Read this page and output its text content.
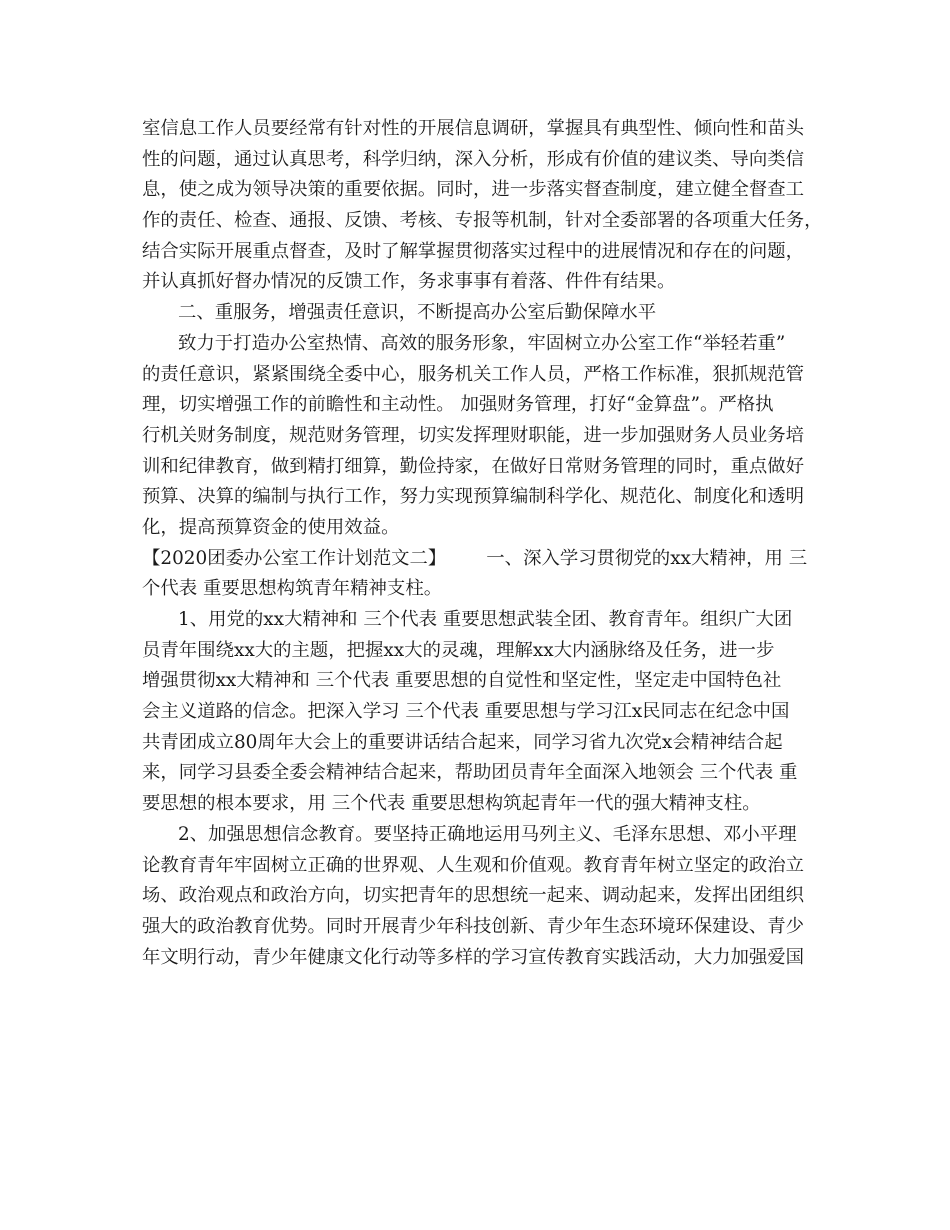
室信息工作人员要经常有针对性的开展信息调研，掌握具有典型性、倾向性和苗头
性的问题，通过认真思考，科学归纳，深入分析，形成有价值的建议类、导向类信
息，使之成为领导决策的重要依据。同时，进一步落实督查制度，建立健全督查工
作的责任、检查、通报、反馈、考核、专报等机制，针对全委部署的各项重大任务，
结合实际开展重点督查，及时了解掌握贯彻落实过程中的进展情况和存在的问题，
并认真抓好督办情况的反馈工作，务求事事有着落、件件有结果。
二、重服务，增强责任意识，不断提高办公室后勤保障水平
致力于打造办公室热情、高效的服务形象，牢固树立办公室工作“举轻若重”
的责任意识，紧紧围绕全委中心，服务机关工作人员，严格工作标准，狠抓规范管
理，切实增强工作的前瞻性和主动性。 加强财务管理，打好“金算盘”。严格执
行机关财务制度，规范财务管理，切实发挥理财职能，进一步加强财务人员业务培
训和纪律教育，做到精打细算，勤俭持家，在做好日常财务管理的同时，重点做好
预算、决算的编制与执行工作，努力实现预算编制科学化、规范化、制度化和透明
化，提高预算资金的使用效益。
【2020团委办公室工作计划范文二】 一、深入学习贯彻党的xx大精神，用 三
个代表 重要思想构筑青年精神支柱。
1、用党的xx大精神和 三个代表 重要思想武装全团、教育青年。组织广大团
员青年围绕xx大的主题，把握xx大的灵魂，理解xx大内涵脉络及任务，进一步
增强贯彻xx大精神和 三个代表 重要思想的自觉性和坚定性，坚定走中国特色社
会主义道路的信念。把深入学习 三个代表 重要思想与学习江x民同志在纪念中国
共青团成立80周年大会上的重要讲话结合起来，同学习省九次党x会精神结合起
来，同学习县委全委会精神结合起来，帮助团员青年全面深入地领会 三个代表 重
要思想的根本要求，用 三个代表 重要思想构筑起青年一代的强大精神支柱。
2、加强思想信念教育。要坚持正确地运用马列主义、毛泽东思想、邓小平理
论教育青年牢固树立正确的世界观、人生观和价值观。教育青年树立坚定的政治立
场、政治观点和政治方向，切实把青年的思想统一起来、调动起来，发挥出团组织
强大的政治教育优势。同时开展青少年科技创新、青少年生态环境环保建设、青少
年文明行动，青少年健康文化行动等多样的学习宣传教育实践活动，大力加强爱国
